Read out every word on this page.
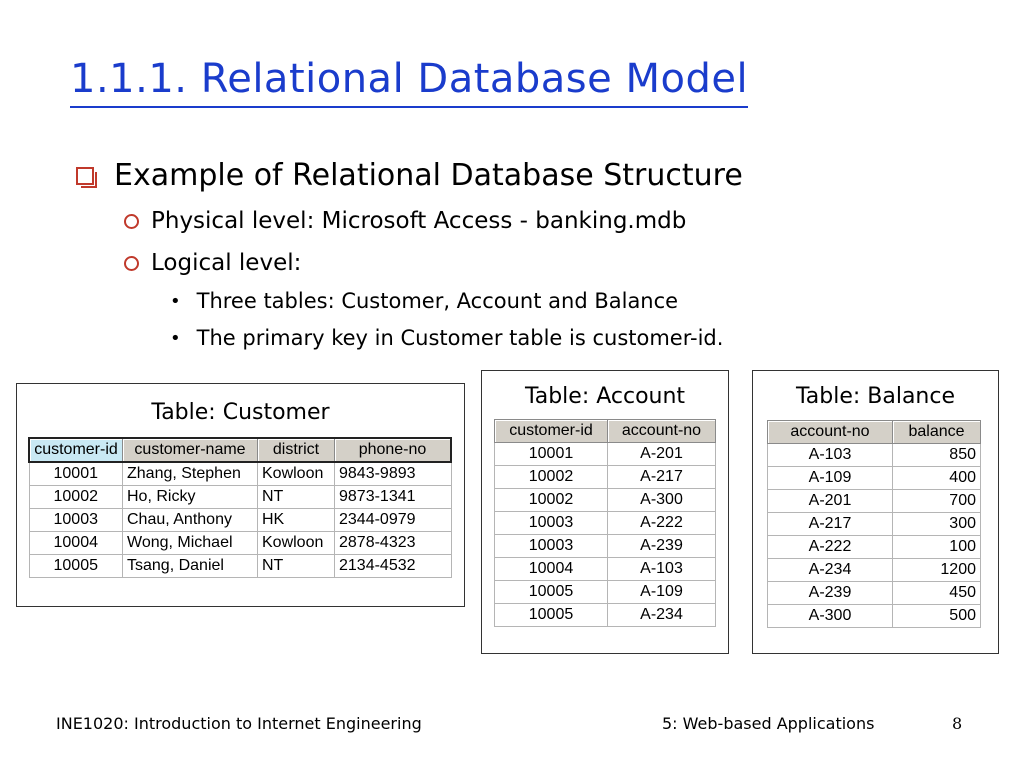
1.1.1. Relational Database Model
Example of Relational Database Structure
Physical level: Microsoft Access - banking.mdb
Logical level:
• Three tables: Customer, Account and Balance
• The primary key in Customer table is customer-id.
Table: Customer
customer-id	customer-name	district	phone-no
10001	Zhang, Stephen	Kowloon	9843-9893
10002	Ho, Ricky	NT	9873-1341
10003	Chau, Anthony	HK	2344-0979
10004	Wong, Michael	Kowloon	2878-4323
10005	Tsang, Daniel	NT	2134-4532
Table: Account
customer-id	account-no
10001	A-201
10002	A-217
10002	A-300
10003	A-222
10003	A-239
10004	A-103
10005	A-109
10005	A-234
Table: Balance
account-no	balance
A-103	850
A-109	400
A-201	700
A-217	300
A-222	100
A-234	1200
A-239	450
A-300	500
INE1020: Introduction to Internet Engineering	5: Web-based Applications	8
